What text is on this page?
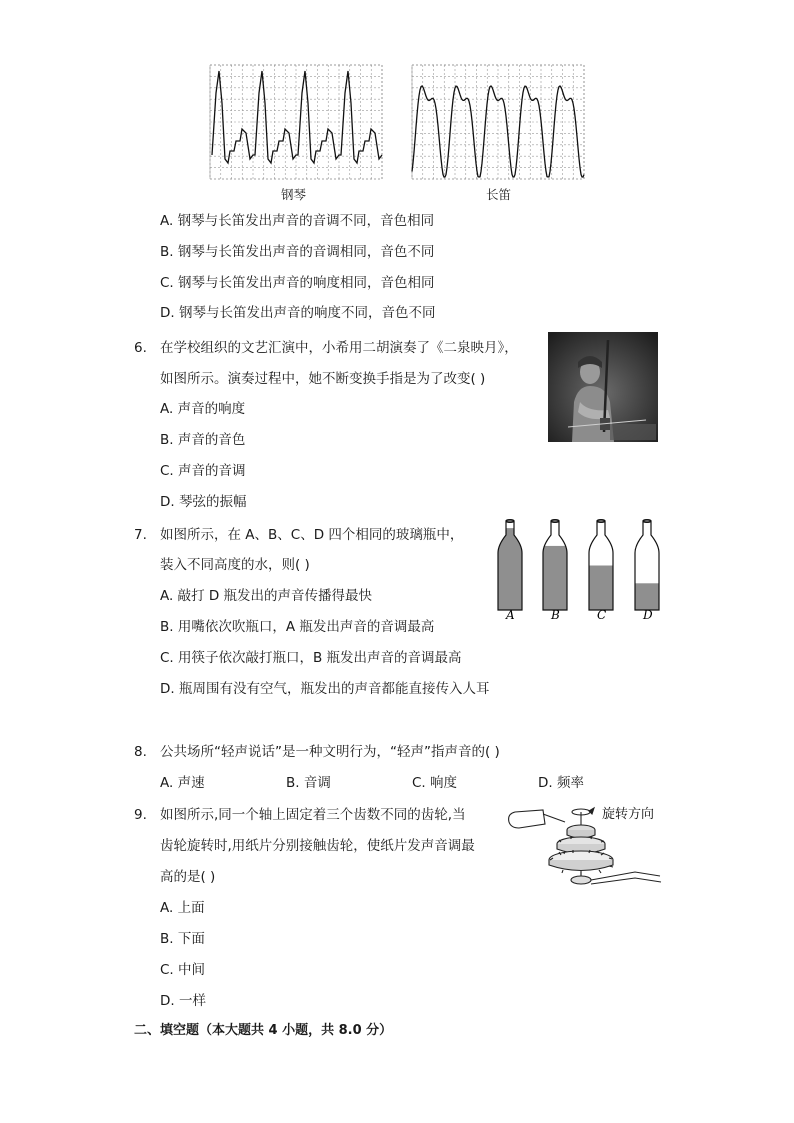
钢琴	长笛
A. 钢琴与长笛发出声音的音调不同，音色相同
B. 钢琴与长笛发出声音的音调相同，音色不同
C. 钢琴与长笛发出声音的响度相同，音色相同
D. 钢琴与长笛发出声音的响度不同，音色不同
6. 在学校组织的文艺汇演中，小希用二胡演奏了《二泉映月》，
如图所示。演奏过程中，她不断变换手指是为了改变( )
A. 声音的响度
B. 声音的音色
C. 声音的音调
D. 琴弦的振幅
7. 如图所示，在 A、B、C、D 四个相同的玻璃瓶中，
装入不同高度的水，则( )
A. 敲打 D 瓶发出的声音传播得最快
B. 用嘴依次吹瓶口，A 瓶发出声音的音调最高
C. 用筷子依次敲打瓶口，B 瓶发出声音的音调最高
D. 瓶周围有没有空气，瓶发出的声音都能直接传入人耳
A	B	C	D
8. 公共场所“轻声说话”是一种文明行为，“轻声”指声音的( )
A. 声速	B. 音调	C. 响度	D. 频率
9. 如图所示,同一个轴上固定着三个齿数不同的齿轮,当
齿轮旋转时,用纸片分别接触齿轮，使纸片发声音调最
高的是( )
A. 上面
B. 下面
C. 中间
D. 一样
旋转方向
二、填空题（本大题共 4 小题，共 8.0 分）
